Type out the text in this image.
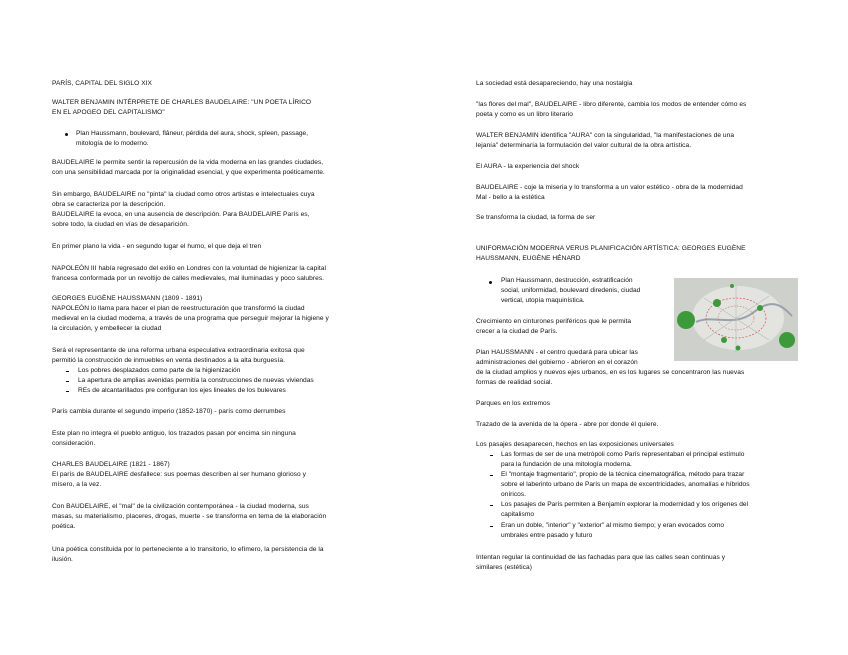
PARÍS, CAPITAL DEL SIGLO XIX
WALTER BENJAMIN INTÉRPRETE DE CHARLES BAUDELAIRE: "UN POETA LÍRICO
EN EL APOGEO DEL CAPITALISMO"
Plan Haussmann, boulevard, flâneur, pérdida del aura, shock, spleen, passage,
mitología de lo moderno.
BAUDELAIRE le permite sentir la repercusión de la vida moderna en las grandes ciudades,
con una sensibilidad marcada por la originalidad esencial, y que experimenta poéticamente.
Sin embargo, BAUDELAIRE no "pinta" la ciudad como otros artistas e intelectuales cuya
obra se caracteriza por la descripción.
BAUDELAIRE la evoca, en una ausencia de descripción. Para BAUDELAIRE París es,
sobre todo, la ciudad en vías de desaparición.
En primer plano la vida - en segundo lugar el humo, el que deja el tren
NAPOLEÓN III había regresado del exilio en Londres con la voluntad de higienizar la capital
francesa conformada por un revoltijo de calles medievales, mal iluminadas y poco salubres.
GEORGES EUGÈNE HAUSSMANN (1809 - 1891)
NAPOLEÓN lo llama para hacer el plan de reestructuración que transformó la ciudad
medieval en la ciudad moderna, a través de una programa que perseguir mejorar la higiene y
la circulación, y embellecer la ciudad
Será el representante de una reforma urbana especulativa extraordinaria exitosa que
permitió la construcción de inmuebles en venta destinados a la alta burguesía.
Los pobres desplazados como parte de la higienización
La apertura de amplias avenidas permitía la construcciones de nuevas viviendas
REs de alcantarillados pre configuran los ejes lineales de los bulevares
París cambia durante el segundo imperio (1852-1870) - parís como derrumbes
Este plan no integra el pueblo antiguo, los trazados pasan por encima sin ninguna
consideración.
CHARLES BAUDELAIRE (1821 - 1867)
El parís de BAUDELAIRE desfallece: sus poemas describen al ser humano glorioso y
mísero, a la vez.
Con BAUDELAIRE, el "mal" de la civilización contemporánea - la ciudad moderna, sus
masas, su materialismo, placeres, drogas, muerte - se transforma en tema de la elaboración
poética.
Una poética constituida por lo perteneciente a lo transitorio, lo efímero, la persistencia de la
ilusión.
La sociedad está desapareciendo, hay una nostalgia
"las flores del mal", BAUDELAIRE - libro diferente, cambia los modos de entender cómo es
poeta y como es un libro literario
WALTER BENJAMIN identifica "AURA" con la singularidad, "la manifestaciones de una
lejanía" determinaría la formulación del valor cultural de la obra artística.
El AURA - la experiencia del shock
BAUDELAIRE - coje la miseria y lo transforma a un valor estético - obra de la modernidad
Mal - bello a la estética
Se transforma la ciudad, la forma de ser
UNIFORMACIÓN MODERNA VERUS PLANIFICACIÓN ARTÍSTICA: GEORGES EUGÈNE
HAUSSMANN, EUGÈNE HÉNARD
Plan Haussmann, destrucción, estratificación
social, uniformidad, boulevard diredenis, ciudad
vertical, utopía maquinística.
Crecimiento en cinturones periféricos que le permita
crecer a la ciudad de París.
Plan HAUSSMANN - el centro quedará para ubicar las
administraciones del gobierno - abrieron en el corazón
de la ciudad amplios y nuevos ejes urbanos, en es los lugares se concentraron las nuevas
formas de realidad social.
Parques en los extremos
Trazado de la avenida de la ópera - abre por donde él quiere.
Los pasajes desaparecen, hechos en las exposiciones universales
Las formas de ser de una metrópoli como París representaban el principal estímulo
para la fundación de una mitología moderna.
El "montaje fragmentario", propio de la técnica cinematográfica, método para trazar
sobre el laberinto urbano de París un mapa de excentricidades, anomalías e híbridos
oníricos.
Los pasajes de París permiten a Benjamín explorar la modernidad y los orígenes del
capitalismo
Eran un doble, "interior" y "exterior" al mismo tiempo; y eran evocados como
umbrales entre pasado y futuro
Intentan regular la continuidad de las fachadas para que las calles sean continuas y
similares (estética)
